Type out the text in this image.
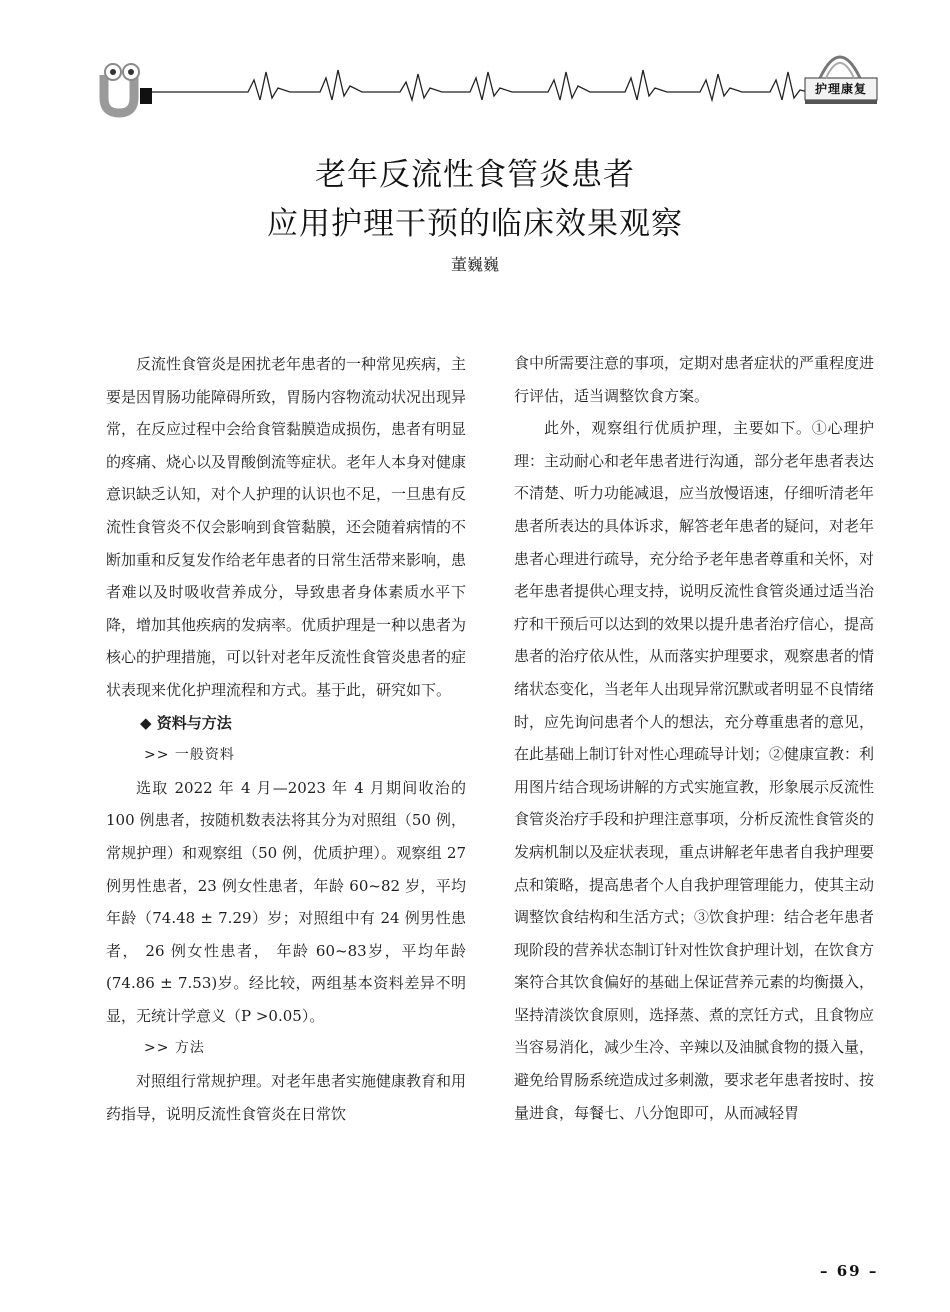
护理康复
老年反流性食管炎患者
应用护理干预的临床效果观察
董巍巍

反流性食管炎是困扰老年患者的一种常见疾病，主要是因胃肠功能障碍所致，胃肠内容物流动状况出现异常，在反应过程中会给食管黏膜造成损伤，患者有明显的疼痛、烧心以及胃酸倒流等症状。老年人本身对健康意识缺乏认知，对个人护理的认识也不足，一旦患有反流性食管炎不仅会影响到食管黏膜，还会随着病情的不断加重和反复发作给老年患者的日常生活带来影响，患者难以及时吸收营养成分，导致患者身体素质水平下降，增加其他疾病的发病率。优质护理是一种以患者为核心的护理措施，可以针对老年反流性食管炎患者的症状表现来优化护理流程和方式。基于此，研究如下。

◆ 资料与方法

>> 一般资料

选取 2022 年 4 月—2023 年 4 月期间收治的 100 例患者，按随机数表法将其分为对照组（50 例，常规护理）和观察组（50 例，优质护理）。观察组 27 例男性患者，23 例女性患者，年龄 60~82 岁，平均年龄（74.48 ± 7.29）岁；对照组中有 24 例男性患者， 26 例女性患者， 年龄 60~83岁，平均年龄(74.86 ± 7.53)岁。经比较，两组基本资料差异不明显，无统计学意义（P >0.05）。

>> 方法

对照组行常规护理。对老年患者实施健康教育和用药指导，说明反流性食管炎在日常饮

食中所需要注意的事项，定期对患者症状的严重程度进行评估，适当调整饮食方案。

此外，观察组行优质护理，主要如下。①心理护理：主动耐心和老年患者进行沟通，部分老年患者表达不清楚、听力功能减退，应当放慢语速，仔细听清老年患者所表达的具体诉求，解答老年患者的疑问，对老年患者心理进行疏导，充分给予老年患者尊重和关怀，对老年患者提供心理支持，说明反流性食管炎通过适当治疗和干预后可以达到的效果以提升患者治疗信心，提高患者的治疗依从性，从而落实护理要求，观察患者的情绪状态变化，当老年人出现异常沉默或者明显不良情绪时，应先询问患者个人的想法，充分尊重患者的意见，在此基础上制订针对性心理疏导计划；②健康宣教：利用图片结合现场讲解的方式实施宣教，形象展示反流性食管炎治疗手段和护理注意事项，分析反流性食管炎的发病机制以及症状表现，重点讲解老年患者自我护理要点和策略，提高患者个人自我护理管理能力，使其主动调整饮食结构和生活方式；③饮食护理：结合老年患者现阶段的营养状态制订针对性饮食护理计划，在饮食方案符合其饮食偏好的基础上保证营养元素的均衡摄入，坚持清淡饮食原则，选择蒸、煮的烹饪方式，且食物应当容易消化，减少生冷、辛辣以及油腻食物的摄入量，避免给胃肠系统造成过多刺激，要求老年患者按时、按量进食，每餐七、八分饱即可，从而减轻胃

– 69 –
